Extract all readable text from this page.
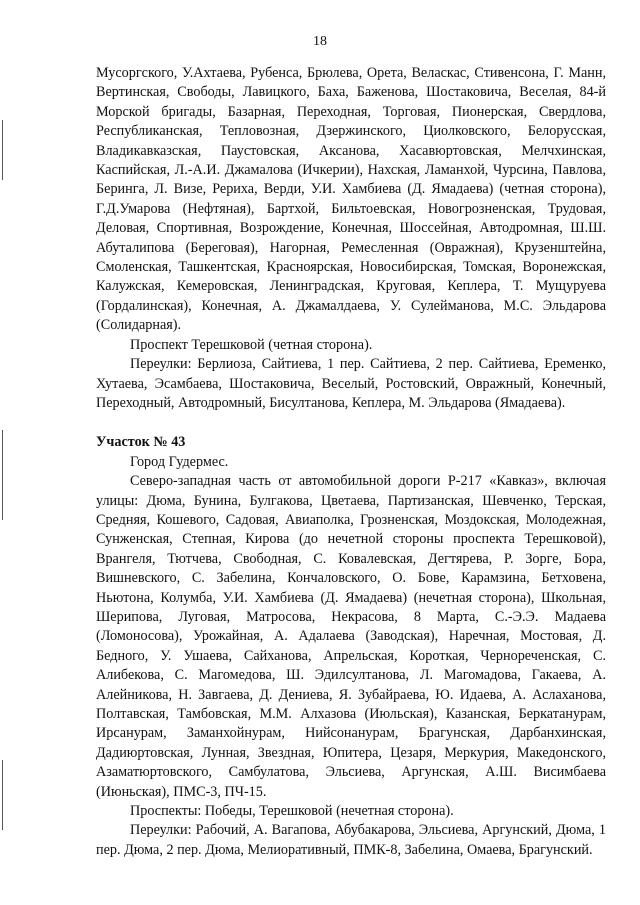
18

Мусоргского, У.Ахтаева, Рубенса, Брюлева, Орета, Веласкас, Стивенсона, Г. Манн, Вертинская, Свободы, Лавицкого, Баха, Баженова, Шостаковича, Веселая, 84-й Морской бригады, Базарная, Переходная, Торговая, Пионерская, Свердлова, Республиканская, Тепловозная, Дзержинского, Циолковского, Белорусская, Владикавказская, Паустовская, Аксанова, Хасавюртовская, Мелчхинская, Каспийская, Л.-А.И. Джамалова (Ичкерии), Нахская, Ламанхой, Чурсина, Павлова, Беринга, Л. Визе, Рериха, Верди, У.И. Хамбиева (Д. Ямадаева) (четная сторона), Г.Д.Умарова (Нефтяная), Бартхой, Бильтоевская, Новогрозненская, Трудовая, Деловая, Спортивная, Возрождение, Конечная, Шоссейная, Автодромная, Ш.Ш. Абуталипова (Береговая), Нагорная, Ремесленная (Овражная), Крузенштейна, Смоленская, Ташкентская, Красноярская, Новосибирская, Томская, Воронежская, Калужская, Кемеровская, Ленинградская, Круговая, Кеплера, Т. Мущуруева (Гордалинская), Конечная, А. Джамалдаева, У. Сулейманова, М.С. Эльдарова (Солидарная).

Проспект Терешковой (четная сторона).

Переулки: Берлиоза, Сайтиева, 1 пер. Сайтиева, 2 пер. Сайтиева, Еременко, Хутаева, Эсамбаева, Шостаковича, Веселый, Ростовский, Овражный, Конечный, Переходный, Автодромный, Бисултанова, Кеплера, М. Эльдарова (Ямадаева).

Участок № 43

Город Гудермес.

Северо-западная часть от автомобильной дороги Р-217 «Кавказ», включая улицы: Дюма, Бунина, Булгакова, Цветаева, Партизанская, Шевченко, Терская, Средняя, Кошевого, Садовая, Авиаполка, Грозненская, Моздокская, Молодежная, Сунженская, Степная, Кирова (до нечетной стороны проспекта Терешковой), Врангеля, Тютчева, Свободная, С. Ковалевская, Дегтярева, Р. Зорге, Бора, Вишневского, С. Забелина, Кончаловского, О. Бове, Карамзина, Бетховена, Ньютона, Колумба, У.И. Хамбиева (Д. Ямадаева) (нечетная сторона), Школьная, Шерипова, Луговая, Матросова, Некрасова, 8 Марта, С.-Э.Э. Мадаева (Ломоносова), Урожайная, А. Адалаева (Заводская), Наречная, Мостовая, Д. Бедного, У. Ушаева, Сайханова, Апрельская, Короткая, Чернореченская, С. Алибекова, С. Магомедова, Ш. Эдилсултанова, Л. Магомадова, Гакаева, А. Алейникова, Н. Завгаева, Д. Дениева, Я. Зубайраева, Ю. Идаева, А. Аслаханова, Полтавская, Тамбовская, М.М. Алхазова (Июльская), Казанская, Беркатанурам, Ирсанурам, Заманхойнурам, Нийсонанурам, Брагунская, Дарбанхинская, Дадиюртовская, Лунная, Звездная, Юпитера, Цезаря, Меркурия, Македонского, Азаматюртовского, Самбулатова, Эльсиева, Аргунская, А.Ш. Висимбаева (Июньская), ПМС-3, ПЧ-15.

Проспекты: Победы, Терешковой (нечетная сторона).

Переулки: Рабочий, А. Вагапова, Абубакарова, Эльсиева, Аргунский, Дюма, 1 пер. Дюма, 2 пер. Дюма, Мелиоративный, ПМК-8, Забелина, Омаева, Брагунский.
